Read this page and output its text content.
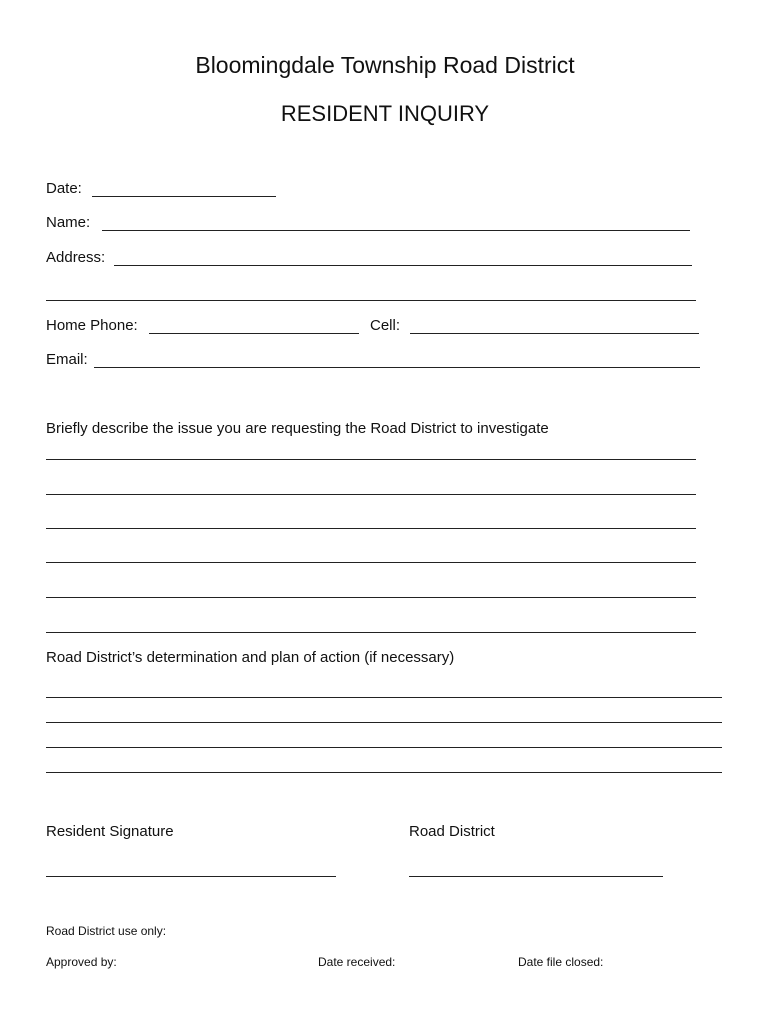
Bloomingdale Township Road District
RESIDENT INQUIRY
Date:
Name:
Address:
Home Phone:	Cell:
Email:
Briefly describe the issue you are requesting the Road District to investigate
Road District’s determination and plan of action (if necessary)
Resident Signature	Road District
Road District use only:
Approved by:	Date received:	Date file closed:
